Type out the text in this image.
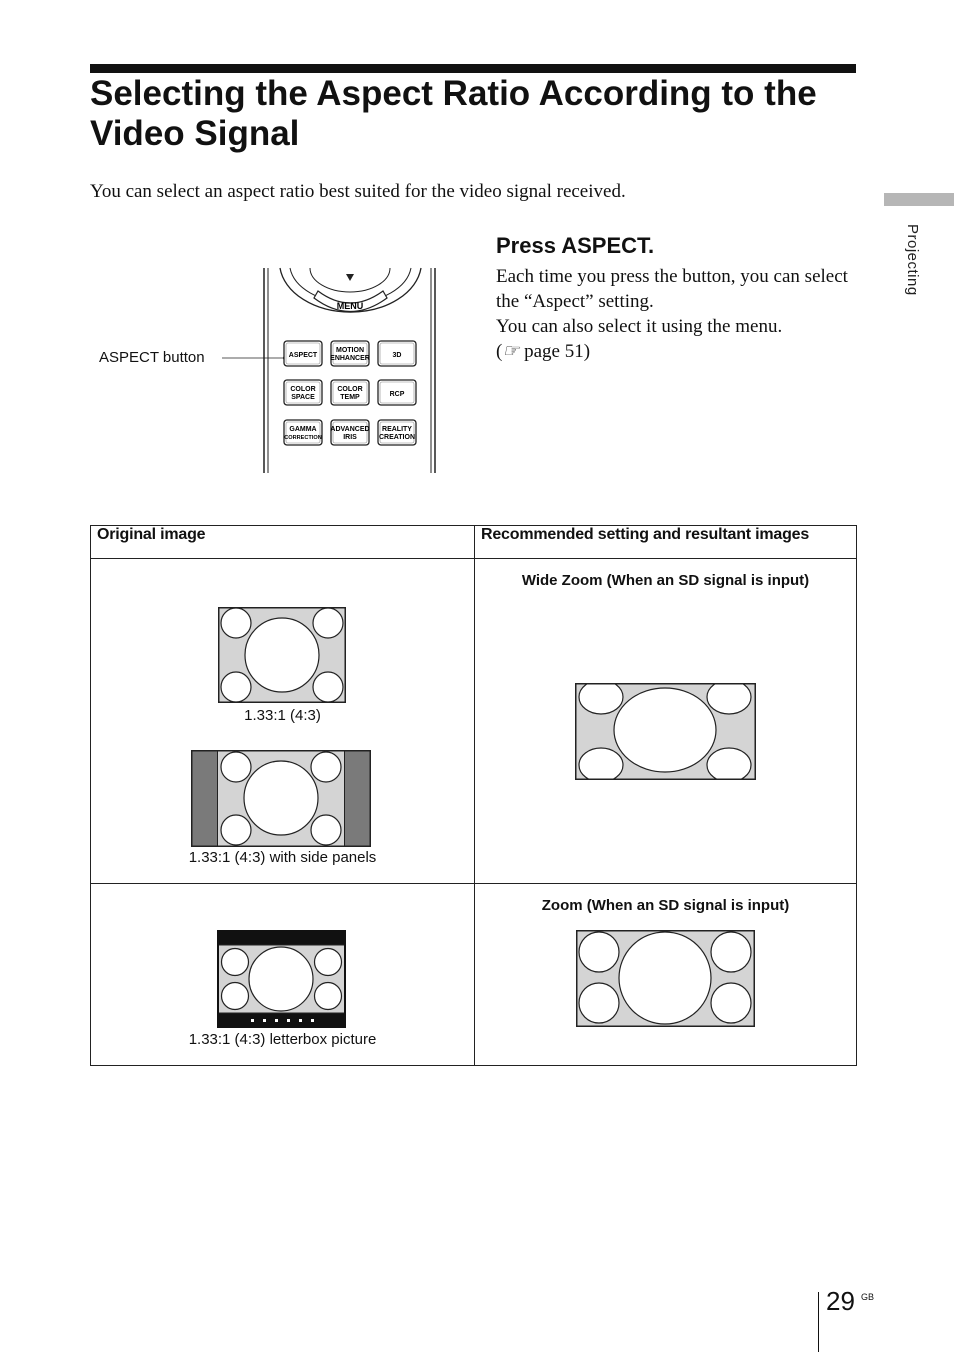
Selecting the Aspect Ratio According to the Video Signal

You can select an aspect ratio best suited for the video signal received.

Projecting
MENU
ASPECT
MOTION
ENHANCER	3D
COLOR
SPACE
COLOR
TEMP	RCP
GAMMA
CORRECTION
ADVANCED
IRIS
REALITY
CREATION
ASPECT button
Press ASPECT.

Each time you press the button, you can select the “Aspect” setting.

You can also select it using the menu.

(☞ page 51)

Original image	Recommended setting and resultant images

1.33:1 (4:3)
1.33:1 (4:3) with side panels	Wide Zoom (When an SD signal is input)

1.33:1 (4:3) letterbox picture	Zoom (When an SD signal is input)
29 GB
